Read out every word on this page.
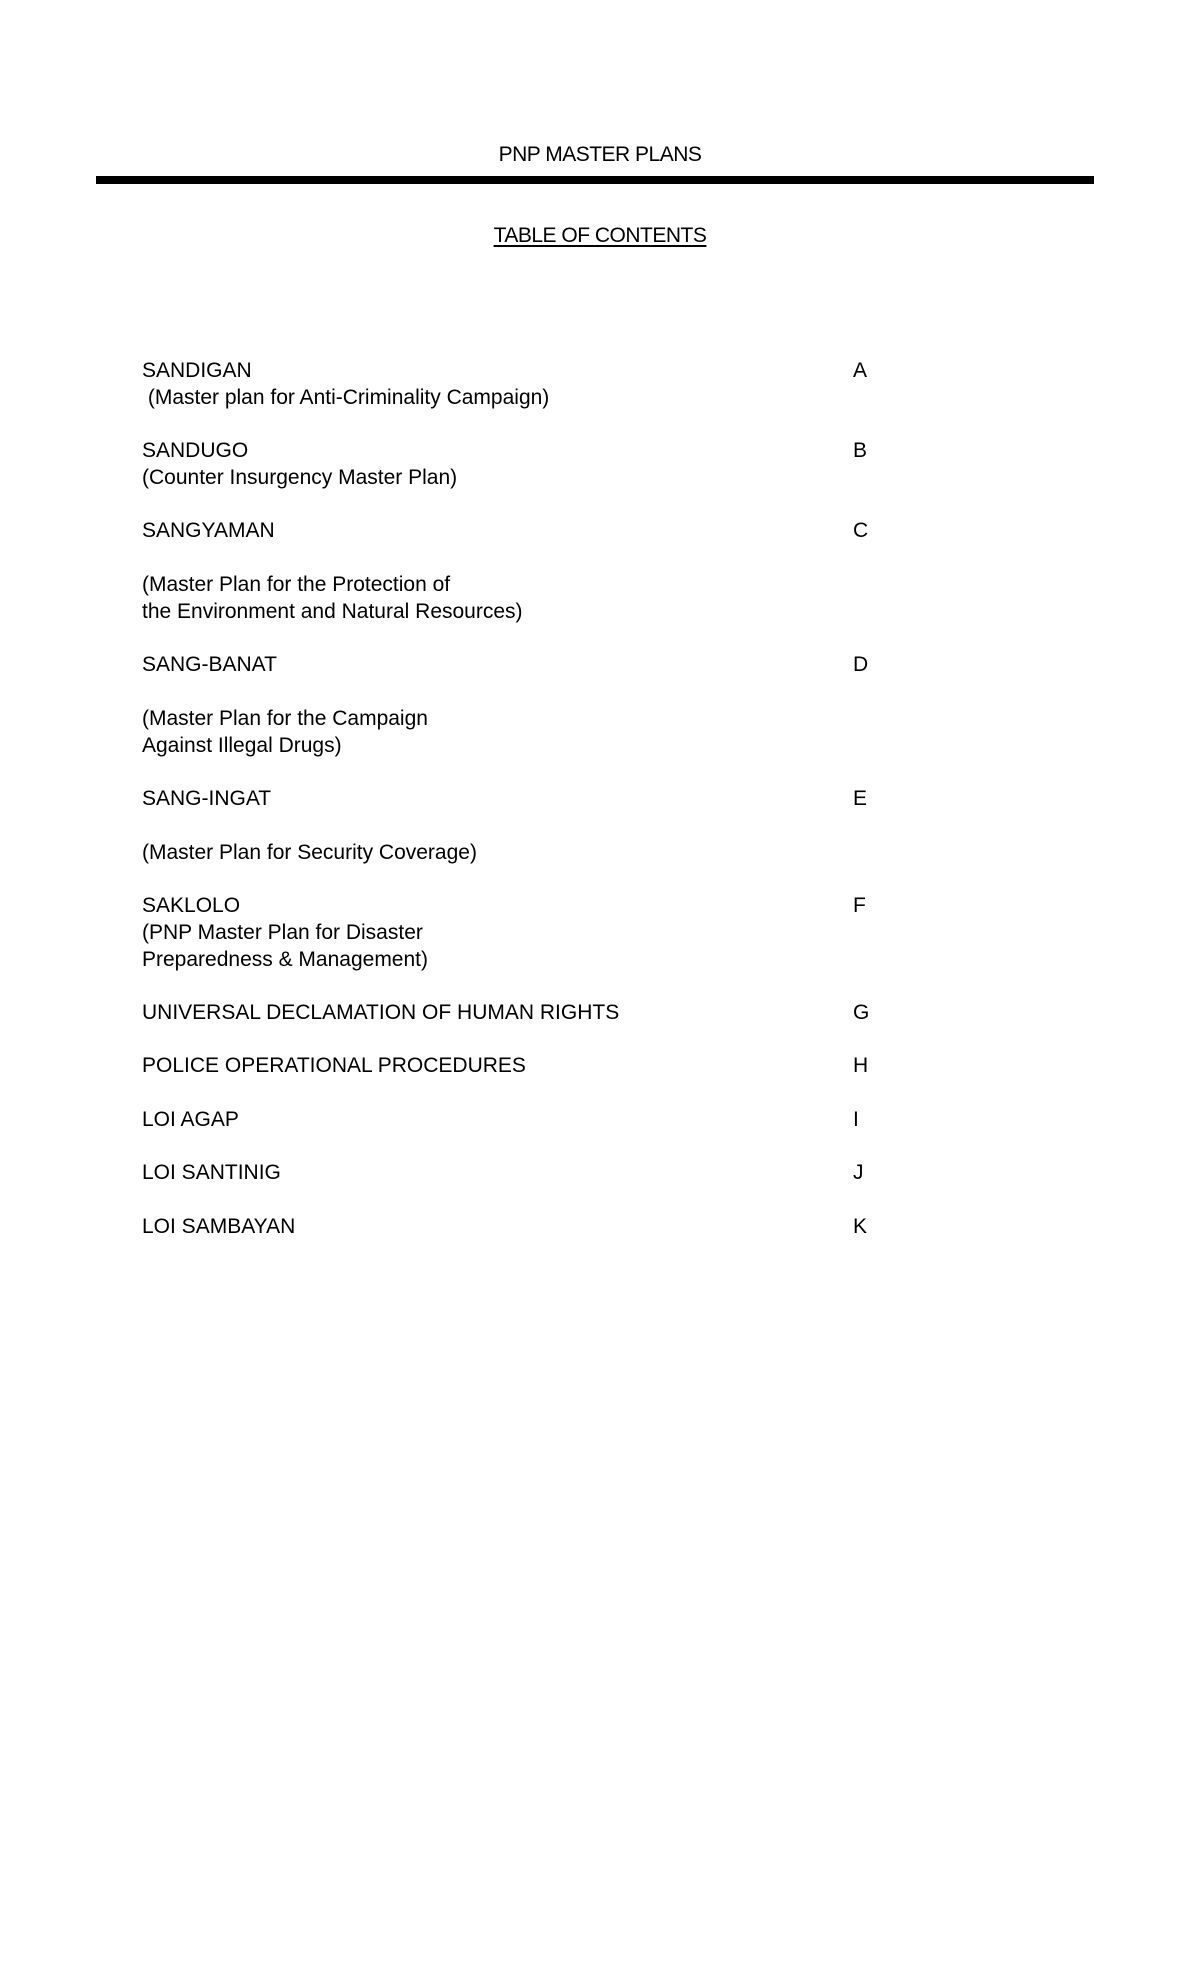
PNP MASTER PLANS
TABLE OF CONTENTS
SANDIGAN	A
(Master plan for Anti-Criminality Campaign)
SANDUGO	B
(Counter Insurgency Master Plan)
SANGYAMAN	C
(Master Plan for the Protection of
the Environment and Natural Resources)
SANG-BANAT	D
(Master Plan for the Campaign
Against Illegal Drugs)
SANG-INGAT	E
(Master Plan for Security Coverage)
SAKLOLO	F
(PNP Master Plan for Disaster
Preparedness & Management)
UNIVERSAL DECLAMATION OF HUMAN RIGHTS	G
POLICE OPERATIONAL PROCEDURES	H
LOI AGAP	I
LOI SANTINIG	J
LOI SAMBAYAN	K
